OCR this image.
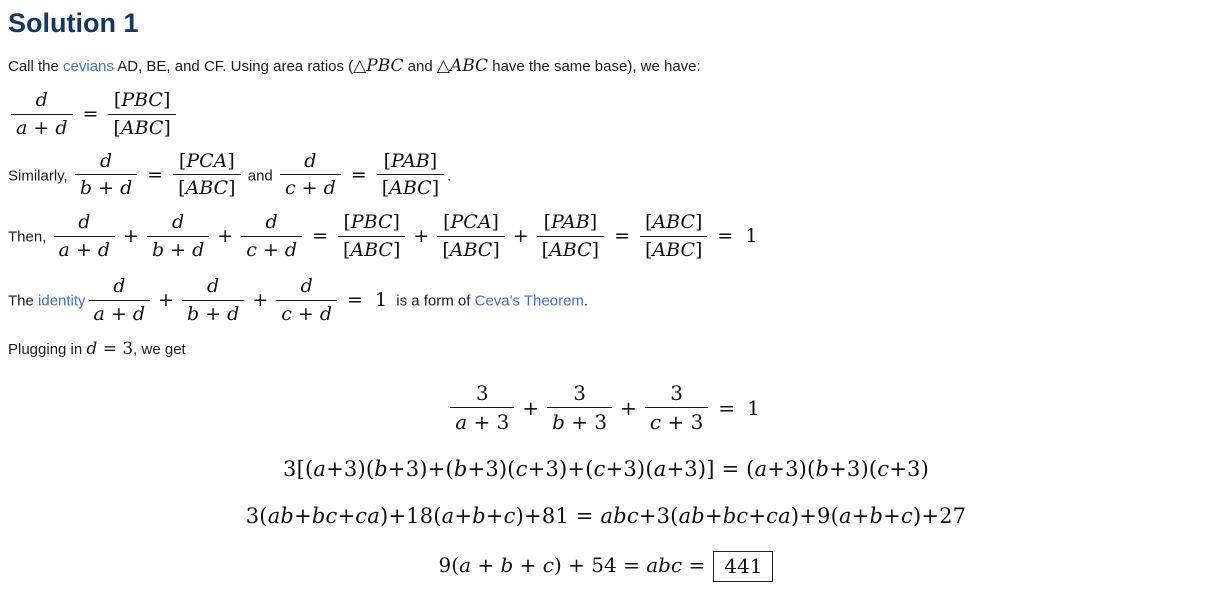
Solution 1

Call the cevians AD, BE, and CF. Using area ratios (△PBC and △ABC have the same base), we have:

$\frac{d}{a + d} = \frac{\text{[PBC]}}{\text{[ABC]}}$

Similarly, $\frac{d}{b + d} = \frac{\text{[PCA]}}{\text{[ABC]}}$ and $\frac{d}{c + d} = \frac{\text{[PAB]}}{\text{[ABC]}}$ .

Then, $\frac{d}{a + d} + \frac{d}{b + d} + \frac{d}{c + d} = \frac{\text{[PBC]}}{\text{[ABC]}} + \frac{\text{[PCA]}}{\text{[ABC]}} + \frac{\text{[PAB]}}{\text{[ABC]}} = \frac{\text{[ABC]}}{\text{[ABC]}} = 1$

The identity $\frac{d}{a + d} + \frac{d}{b + d} + \frac{d}{c + d} = 1$ is a form of Ceva's Theorem.

Plugging in d = 3, we get

$\frac{3}{a + 3} + \frac{3}{b + 3} + \frac{3}{c + 3} = 1$
3[(a+3)(b+3)+(b+3)(c+3)+(c+3)(a+3)] = (a+3)(b+3)(c+3)
3(ab+bc+ca)+18(a+b+c)+81 = abc+3(ab+bc+ca)+9(a+b+c)+27
9(a + b + c) + 54 = abc = 441
